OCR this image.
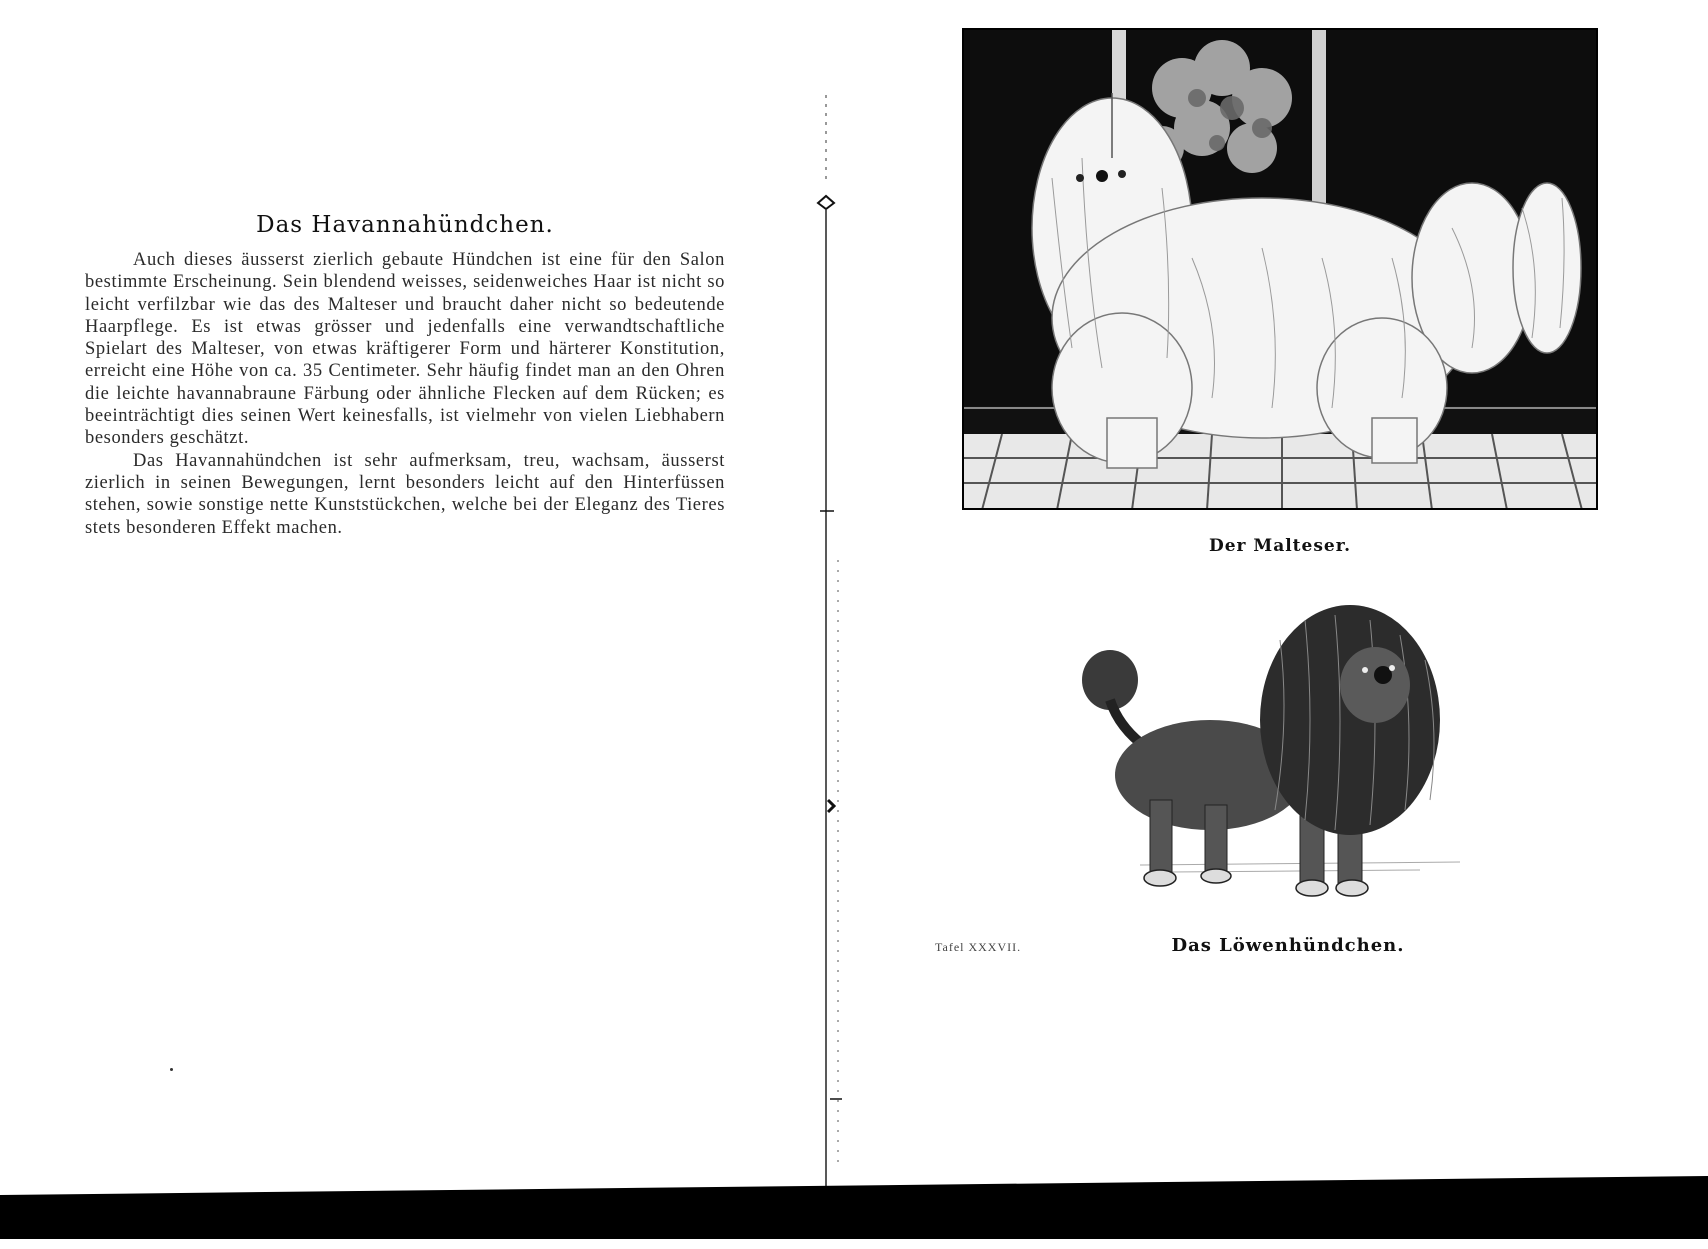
Das Havannahündchen.

Auch dieses äusserst zierlich gebaute Hündchen ist eine für den Salon bestimmte Erscheinung. Sein blendend weisses, seidenweiches Haar ist nicht so leicht verfilzbar wie das des Malteser und braucht daher nicht so bedeutende Haarpflege. Es ist etwas grösser und jedenfalls eine verwandtschaftliche Spielart des Malteser, von etwas kräftigerer Form und härterer Konstitution, erreicht eine Höhe von ca. 35 Centimeter. Sehr häufig findet man an den Ohren die leichte havannabraune Färbung oder ähnliche Flecken auf dem Rücken; es beeinträchtigt dies seinen Wert keinesfalls, ist vielmehr von vielen Liebhabern besonders geschätzt.

Das Havannahündchen ist sehr aufmerksam, treu, wachsam, äusserst zierlich in seinen Bewegungen, lernt besonders leicht auf den Hinterfüssen stehen, sowie sonstige nette Kunststückchen, welche bei der Eleganz des Tieres stets besonderen Effekt machen.

Der Malteser.
Tafel XXXVII.	Das Löwenhündchen.
